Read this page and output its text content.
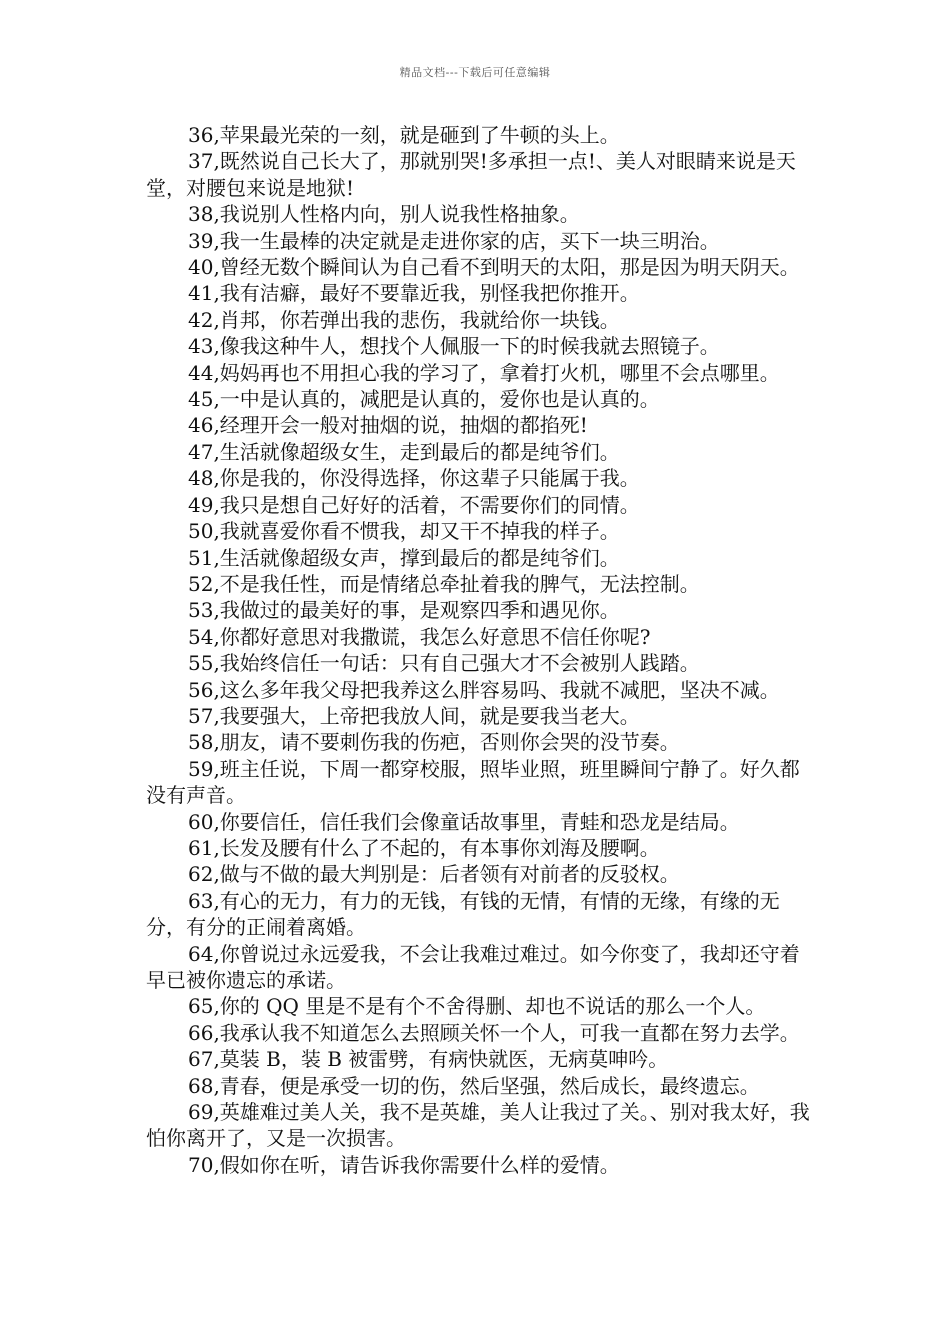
精品文档---下载后可任意编辑

36,苹果最光荣的一刻，就是砸到了牛顿的头上。

37,既然说自己长大了，那就别哭!多承担一点!、美人对眼睛来说是天堂，对腰包来说是地狱!

38,我说别人性格内向，别人说我性格抽象。

39,我一生最棒的决定就是走进你家的店，买下一块三明治。

40,曾经无数个瞬间认为自己看不到明天的太阳，那是因为明天阴天。

41,我有洁癖，最好不要靠近我，别怪我把你推开。

42,肖邦，你若弹出我的悲伤，我就给你一块钱。

43,像我这种牛人，想找个人佩服一下的时候我就去照镜子。

44,妈妈再也不用担心我的学习了，拿着打火机，哪里不会点哪里。

45,一中是认真的，减肥是认真的，爱你也是认真的。

46,经理开会一般对抽烟的说，抽烟的都掐死!

47,生活就像超级女生，走到最后的都是纯爷们。

48,你是我的，你没得选择，你这辈子只能属于我。

49,我只是想自己好好的活着，不需要你们的同情。

50,我就喜爱你看不惯我，却又干不掉我的样子。

51,生活就像超级女声，撑到最后的都是纯爷们。

52,不是我任性，而是情绪总牵扯着我的脾气，无法控制。

53,我做过的最美好的事，是观察四季和遇见你。

54,你都好意思对我撒谎，我怎么好意思不信任你呢?

55,我始终信任一句话：只有自己强大才不会被别人践踏。

56,这么多年我父母把我养这么胖容易吗、我就不减肥，坚决不减。

57,我要强大，上帝把我放人间，就是要我当老大。

58,朋友，请不要刺伤我的伤疤，否则你会哭的没节奏。

59,班主任说，下周一都穿校服，照毕业照，班里瞬间宁静了。好久都没有声音。

60,你要信任，信任我们会像童话故事里，青蛙和恐龙是结局。

61,长发及腰有什么了不起的，有本事你刘海及腰啊。

62,做与不做的最大判别是：后者领有对前者的反驳权。

63,有心的无力，有力的无钱，有钱的无情，有情的无缘，有缘的无分，有分的正闹着离婚。

64,你曾说过永远爱我，不会让我难过难过。如今你变了，我却还守着早已被你遗忘的承诺。

65,你的 QQ 里是不是有个不舍得删、却也不说话的那么一个人。

66,我承认我不知道怎么去照顾关怀一个人，可我一直都在努力去学。

67,莫装 B，装 B 被雷劈，有病快就医，无病莫呻吟。

68,青春，便是承受一切的伤，然后坚强，然后成长，最终遗忘。

69,英雄难过美人关，我不是英雄，美人让我过了关。、别对我太好，我怕你离开了，又是一次损害。

70,假如你在听，请告诉我你需要什么样的爱情。
